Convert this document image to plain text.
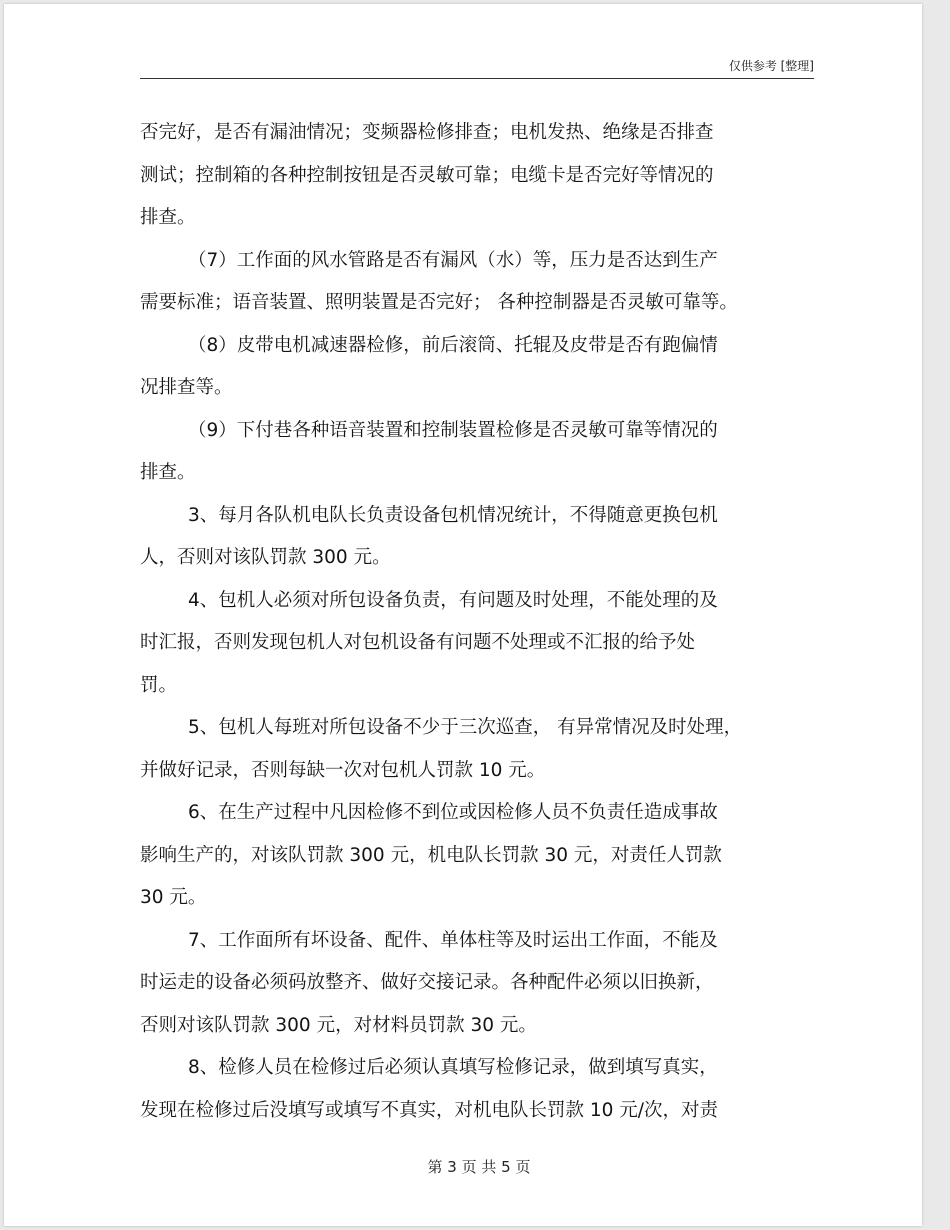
仅供参考 [整理]
否完好，是否有漏油情况；变频器检修排查；电机发热、绝缘是否排查
测试；控制箱的各种控制按钮是否灵敏可靠；电缆卡是否完好等情况的
排查。
（7）工作面的风水管路是否有漏风（水）等，压力是否达到生产
需要标准；语音装置、照明装置是否完好； 各种控制器是否灵敏可靠等。
（8）皮带电机减速器检修，前后滚筒、托辊及皮带是否有跑偏情
况排查等。
（9）下付巷各种语音装置和控制装置检修是否灵敏可靠等情况的
排查。
3、每月各队机电队长负责设备包机情况统计，不得随意更换包机
人，否则对该队罚款 300 元。
4、包机人必须对所包设备负责，有问题及时处理，不能处理的及
时汇报，否则发现包机人对包机设备有问题不处理或不汇报的给予处
罚。
5、包机人每班对所包设备不少于三次巡查， 有异常情况及时处理，
并做好记录，否则每缺一次对包机人罚款 10 元。
6、在生产过程中凡因检修不到位或因检修人员不负责任造成事故
影响生产的，对该队罚款 300 元，机电队长罚款 30 元，对责任人罚款
30 元。
7、工作面所有坏设备、配件、单体柱等及时运出工作面，不能及
时运走的设备必须码放整齐、做好交接记录。各种配件必须以旧换新，
否则对该队罚款 300 元，对材料员罚款 30 元。
8、检修人员在检修过后必须认真填写检修记录，做到填写真实，
发现在检修过后没填写或填写不真实，对机电队长罚款 10 元/次，对责
第 3 页 共 5 页
